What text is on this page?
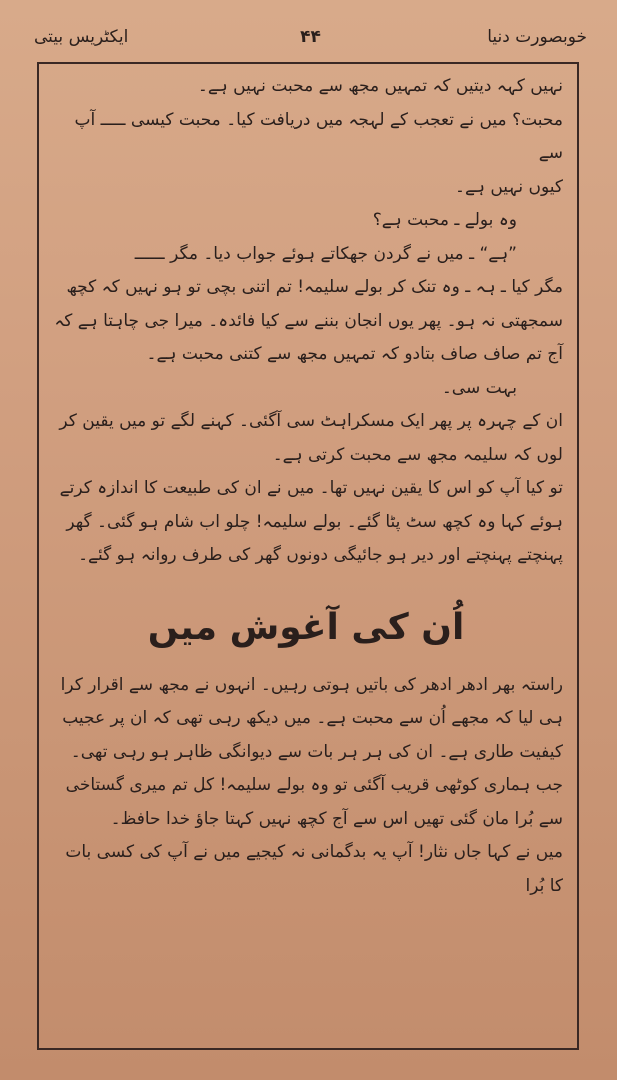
خوبصورت دنیا
۴۴
ایکٹریس بیتی

نہیں کہہ دیتیں کہ تمہیں مجھ سے محبت نہیں ہے۔

محبت؟ میں نے تعجب کے لہجہ میں دریافت کیا۔ محبت کیسی ـــــ آپ سے

کیوں نہیں ہے۔

وہ بولے ـ محبت ہے؟

”ہے“ ـ میں نے گردن جھکاتے ہوئے جواب دیا۔ مگر ــــــ

مگر کیا ـ ہہ ـ وہ تنک کر بولے سلیمہ! تم اتنی بچی تو ہو نہیں کہ کچھ سمجھتی نہ ہو۔ پھر یوں انجان بننے سے کیا فائدہ۔ میرا جی چاہتا ہے کہ آج تم صاف صاف بتادو کہ تمہیں مجھ سے کتنی محبت ہے۔

بہت سی۔

ان کے چہرہ پر پھر ایک مسکراہٹ سی آگئی۔ کہنے لگے تو میں یقین کر لوں کہ سلیمہ مجھ سے محبت کرتی ہے۔

تو کیا آپ کو اس کا یقین نہیں تھا۔ میں نے ان کی طبیعت کا اندازہ کرتے ہوئے کہا وہ کچھ سٹ پٹا گئے۔ بولے سلیمہ! چلو اب شام ہو گئی۔ گھر پہنچتے پہنچتے اور دیر ہو جائیگی دونوں گھر کی طرف روانہ ہو گئے۔

اُن کی آغوش میں

راستہ بھر ادھر ادھر کی باتیں ہوتی رہیں۔ انہوں نے مجھ سے اقرار کرا ہی لیا کہ مجھے اُن سے محبت ہے۔ میں دیکھ رہی تھی کہ ان پر عجیب کیفیت طاری ہے۔ ان کی ہر ہر بات سے دیوانگی ظاہر ہو رہی تھی۔ جب ہماری کوٹھی قریب آگئی تو وہ بولے سلیمہ! کل تم میری گستاخی سے بُرا مان گئی تھیں اس سے آج کچھ نہیں کہتا جاؤ خدا حافظ۔

میں نے کہا جاں نثار! آپ یہ بدگمانی نہ کیجیے میں نے آپ کی کسی بات کا بُرا
